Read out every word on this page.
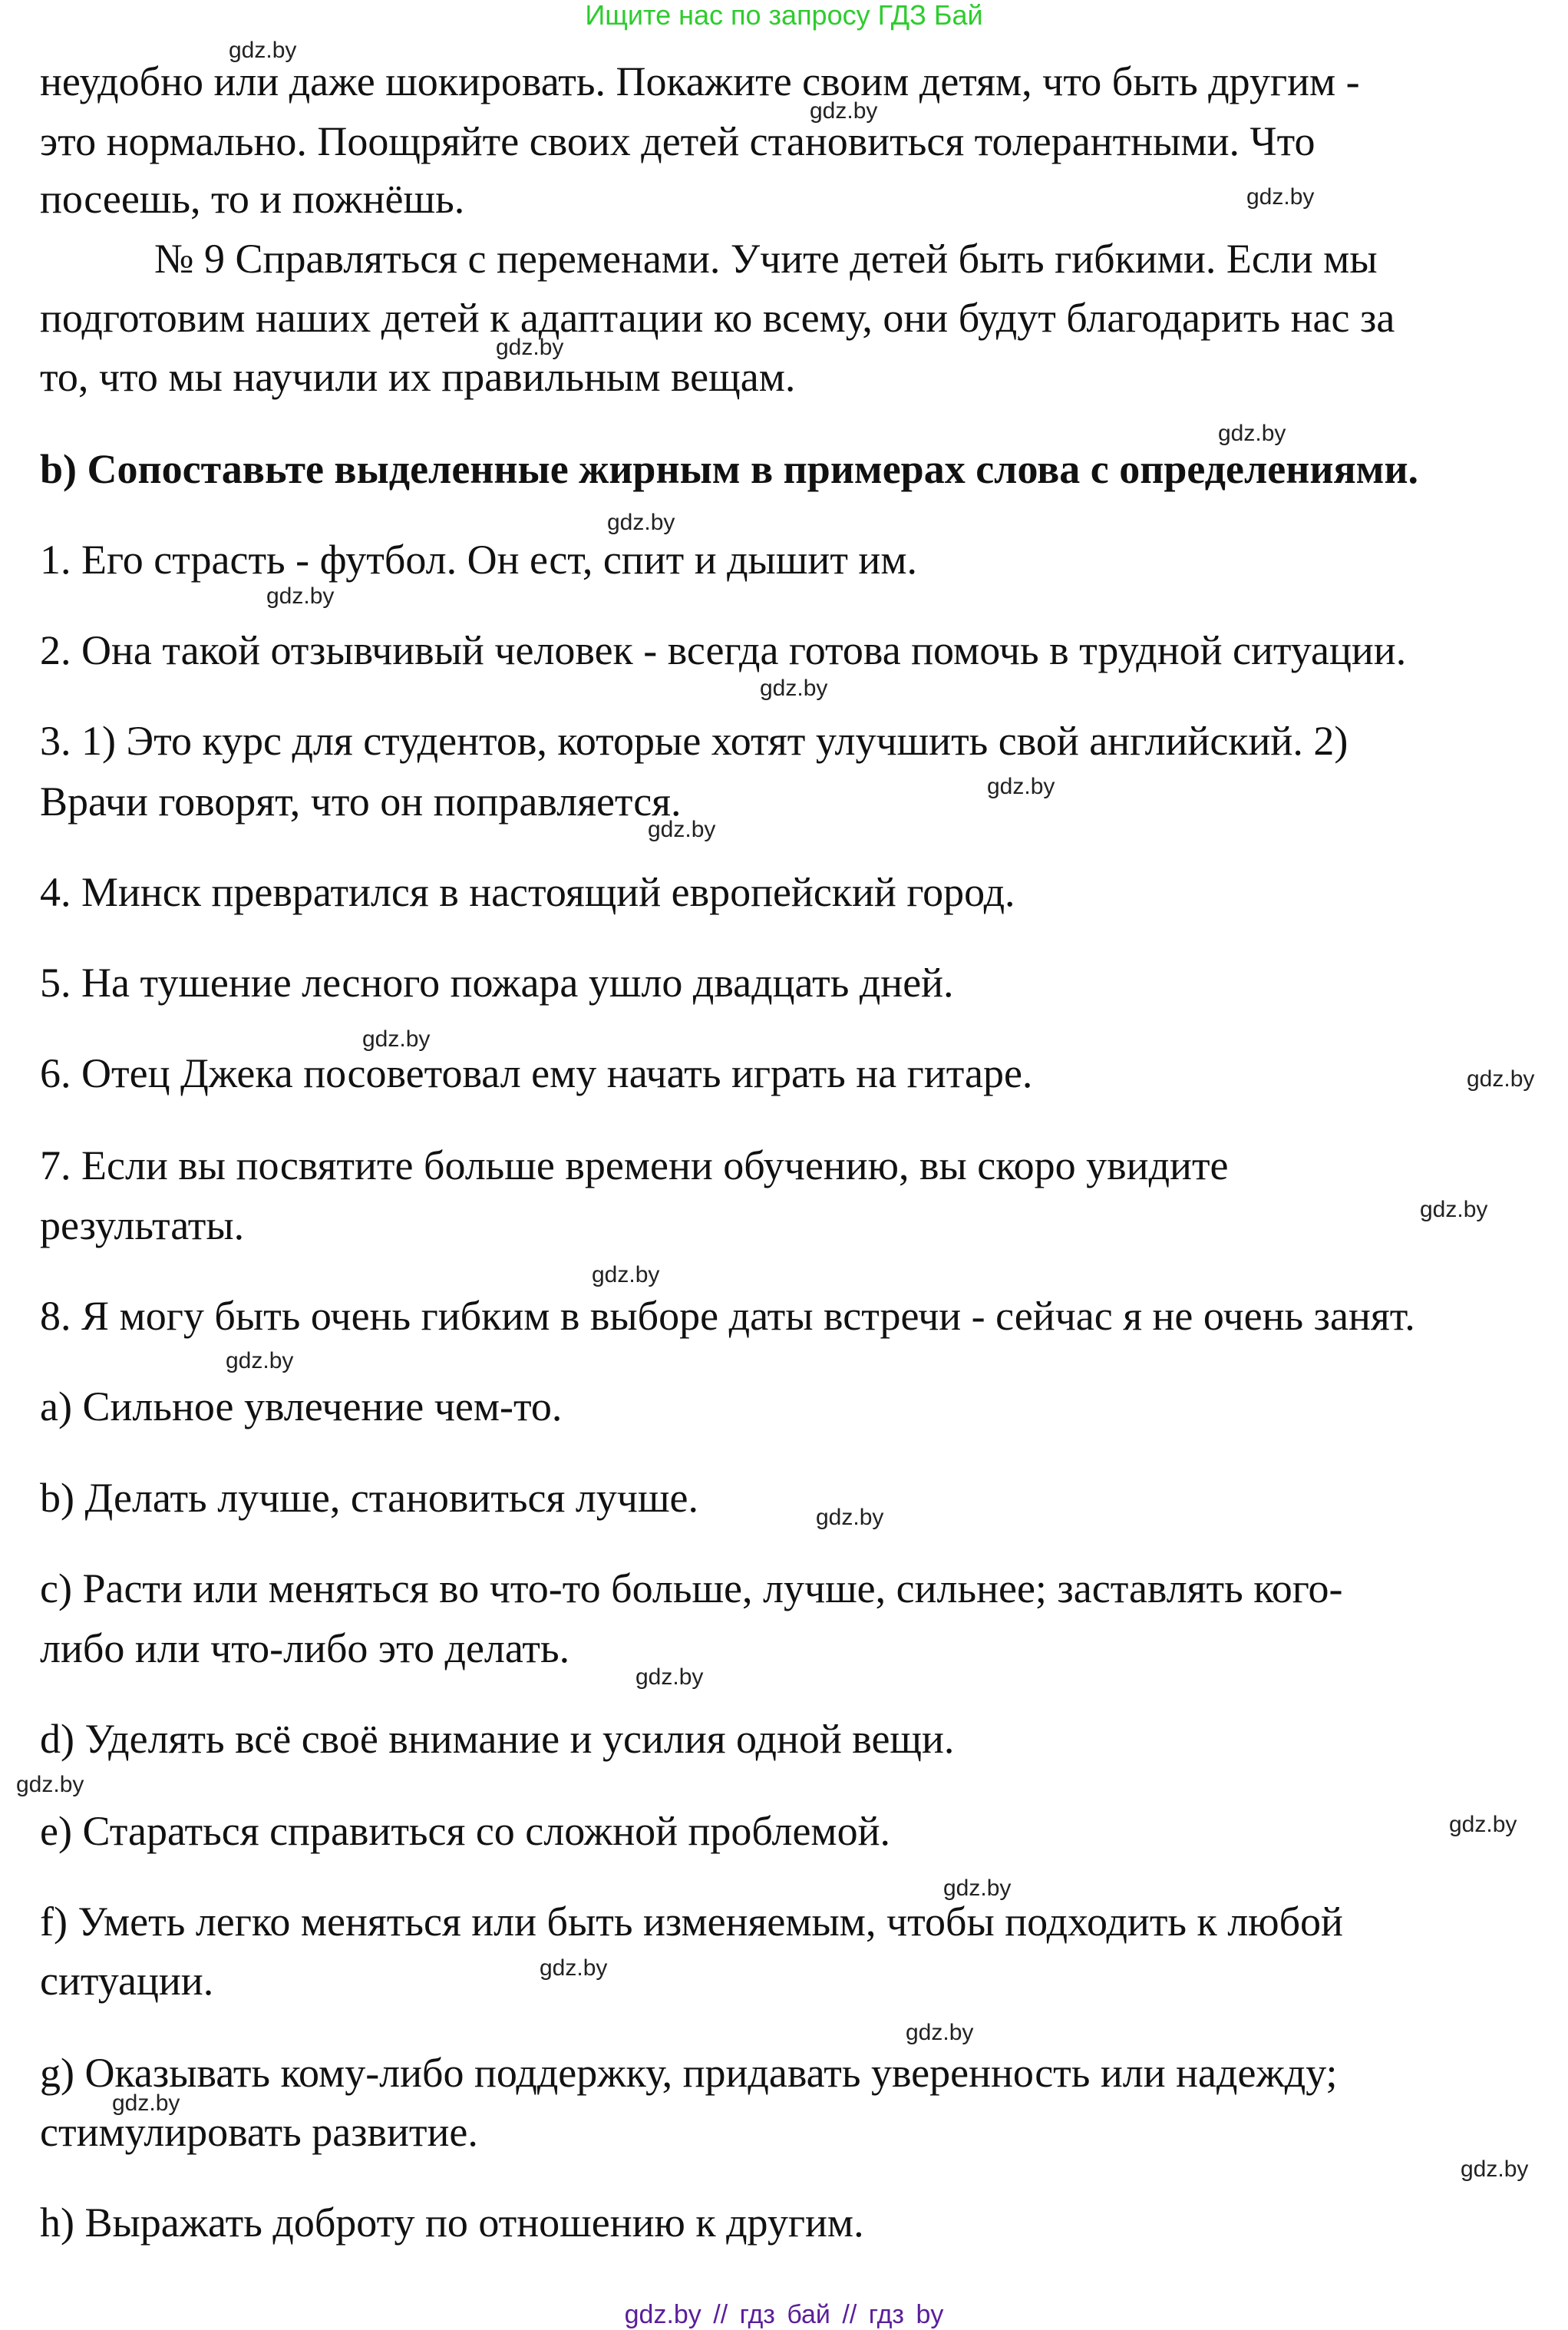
Ищите нас по запросу ГДЗ Бай
неудобно или даже шокировать. Покажите своим детям, что быть другим -
это нормально. Поощряйте своих детей становиться толерантными. Что
посеешь, то и пожнёшь.
№ 9 Справляться с переменами. Учите детей быть гибкими. Если мы
подготовим наших детей к адаптации ко всему, они будут благодарить нас за
то, что мы научили их правильным вещам.
b) Сопоставьте выделенные жирным в примерах слова с определениями.
1. Его страсть - футбол. Он ест, спит и дышит им.
2. Она такой отзывчивый человек - всегда готова помочь в трудной ситуации.
3. 1) Это курс для студентов, которые хотят улучшить свой английский. 2)
Врачи говорят, что он поправляется.
4. Минск превратился в настоящий европейский город.
5. На тушение лесного пожара ушло двадцать дней.
6. Отец Джека посоветовал ему начать играть на гитаре.
7. Если вы посвятите больше времени обучению, вы скоро увидите
результаты.
8. Я могу быть очень гибким в выборе даты встречи - сейчас я не очень занят.
a) Сильное увлечение чем-то.
b) Делать лучше, становиться лучше.
c) Расти или меняться во что-то больше, лучше, сильнее; заставлять кого-
либо или что-либо это делать.
d) Уделять всё своё внимание и усилия одной вещи.
e) Стараться справиться со сложной проблемой.
f) Уметь легко меняться или быть изменяемым, чтобы подходить к любой
ситуации.
g) Оказывать кому-либо поддержку, придавать уверенность или надежду;
стимулировать развитие.
h) Выражать доброту по отношению к другим.
gdz.by
gdz.by
gdz.by
gdz.by
gdz.by
gdz.by
gdz.by
gdz.by
gdz.by
gdz.by
gdz.by
gdz.by
gdz.by
gdz.by
gdz.by
gdz.by
gdz.by
gdz.by
gdz.by
gdz.by
gdz.by
gdz.by
gdz.by
gdz.by
gdz.by // гдз бай // гдз by
